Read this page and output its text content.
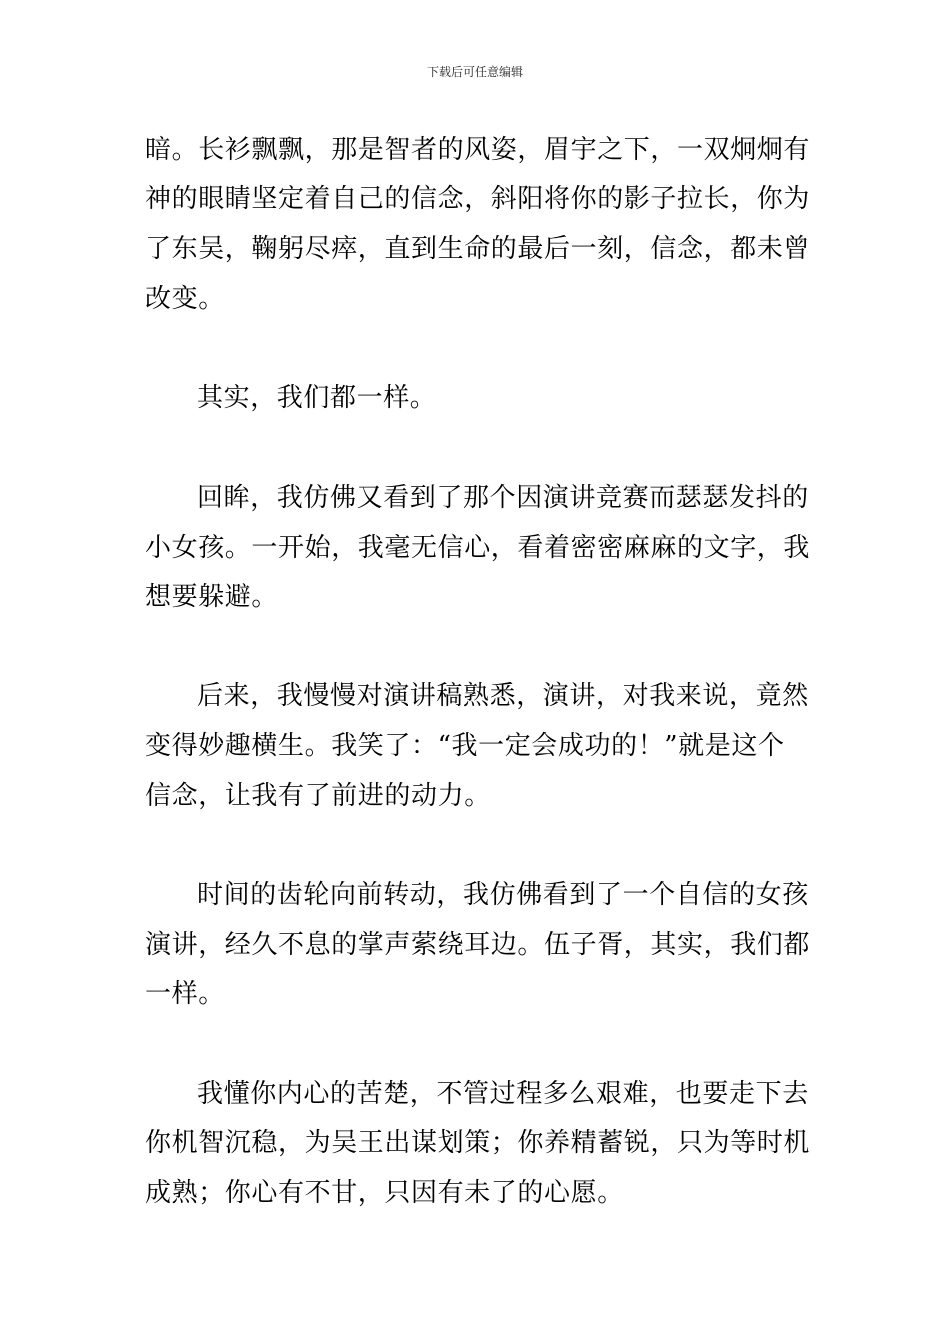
下载后可任意编辑
暗。长衫飘飘，那是智者的风姿，眉宇之下，一双炯炯有
神的眼睛坚定着自己的信念，斜阳将你的影子拉长，你为
了东吴，鞠躬尽瘁，直到生命的最后一刻，信念，都未曾
改变。
其实，我们都一样。
回眸，我仿佛又看到了那个因演讲竞赛而瑟瑟发抖的
小女孩。一开始，我毫无信心，看着密密麻麻的文字，我
想要躲避。
后来，我慢慢对演讲稿熟悉，演讲，对我来说，竟然
变得妙趣横生。我笑了：“我一定会成功的！”就是这个
信念，让我有了前进的动力。
时间的齿轮向前转动，我仿佛看到了一个自信的女孩
演讲，经久不息的掌声萦绕耳边。伍子胥，其实，我们都
一样。
我懂你内心的苦楚，不管过程多么艰难，也要走下去
你机智沉稳，为吴王出谋划策；你养精蓄锐，只为等时机
成熟；你心有不甘，只因有未了的心愿。
